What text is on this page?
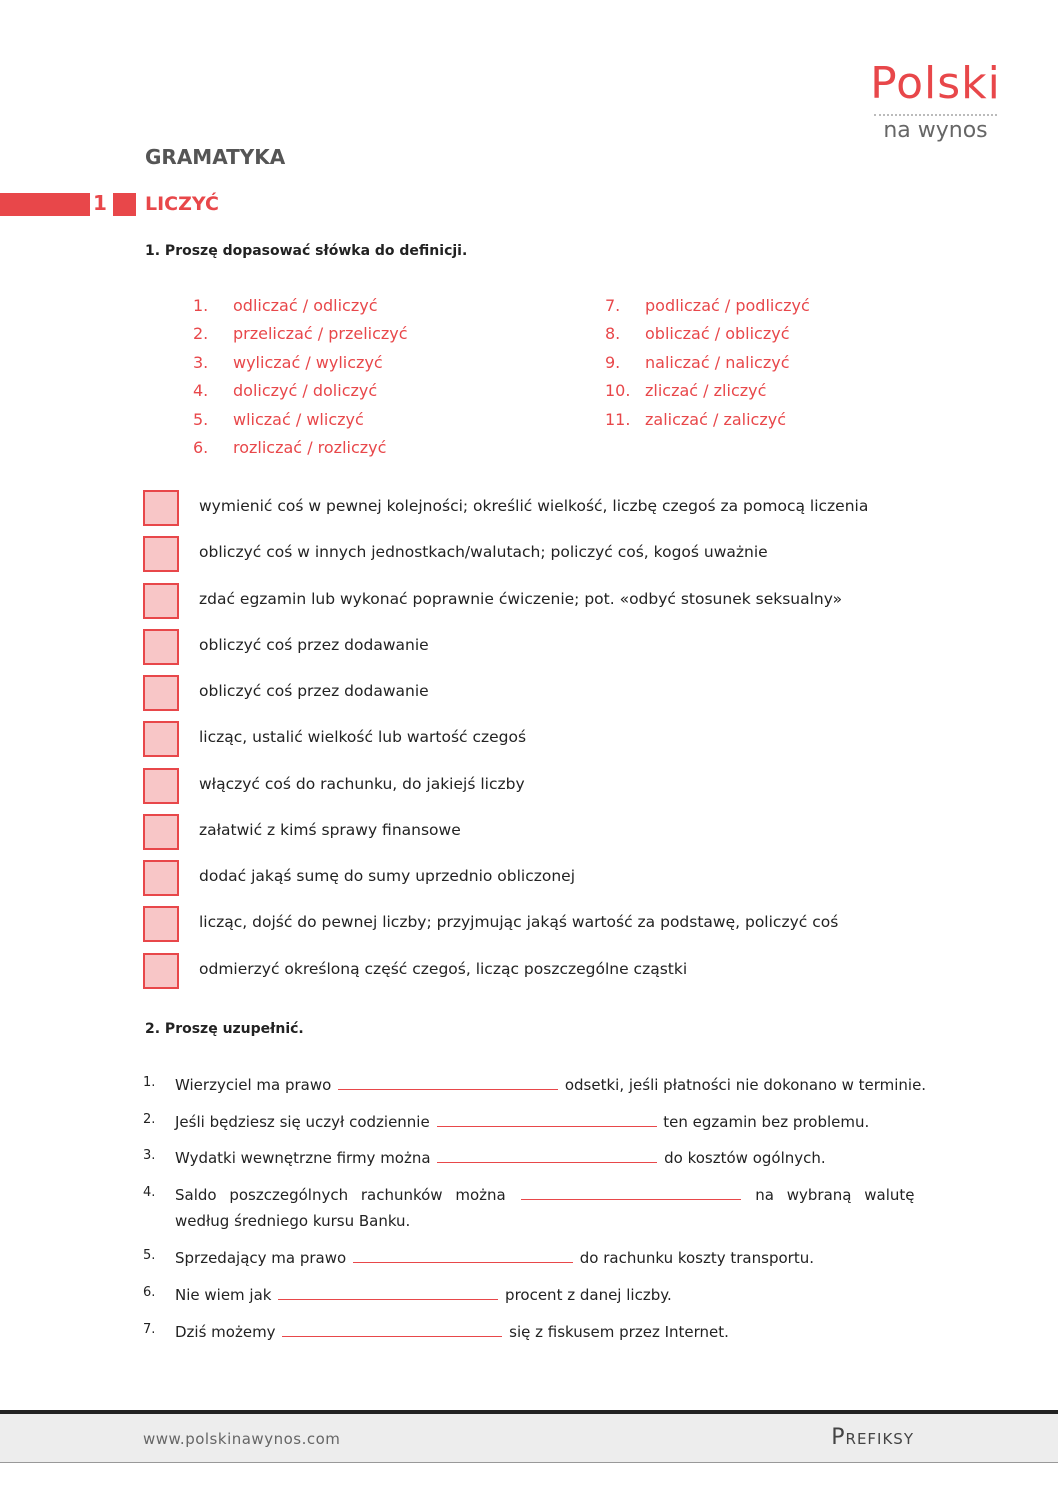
Polski
na wynos
GRAMATYKA
1 LICZYĆ
1. Proszę dopasować słówka do definicji.
1. odliczać / odliczyć
2. przeliczać / przeliczyć
3. wyliczać / wyliczyć
4. doliczyć / doliczyć
5. wliczać / wliczyć
6. rozliczać / rozliczyć
7. podliczać / podliczyć
8. obliczać / obliczyć
9. naliczać / naliczyć
10. zliczać / zliczyć
11. zaliczać / zaliczyć
wymienić coś w pewnej kolejności; określić wielkość, liczbę czegoś za pomocą liczenia
obliczyć coś w innych jednostkach/walutach; policzyć coś, kogoś uważnie
zdać egzamin lub wykonać poprawnie ćwiczenie; pot. «odbyć stosunek seksualny»
obliczyć coś przez dodawanie
obliczyć coś przez dodawanie
licząc, ustalić wielkość lub wartość czegoś
włączyć coś do rachunku, do jakiejś liczby
załatwić z kimś sprawy finansowe
dodać jakąś sumę do sumy uprzednio obliczonej
licząc, dojść do pewnej liczby; przyjmując jakąś wartość za podstawę, policzyć coś
odmierzyć określoną część czegoś, licząc poszczególne cząstki
2. Proszę uzupełnić.
1. Wierzyciel ma prawo	odsetki, jeśli płatności nie dokonano w terminie.
2. Jeśli będziesz się uczył codziennie	ten egzamin bez problemu.
3. Wydatki wewnętrzne firmy można	do kosztów ogólnych.
4. Saldo poszczególnych rachunków można	na wybraną walutę
według średniego kursu Banku.
5. Sprzedający ma prawo	do rachunku koszty transportu.
6. Nie wiem jak	procent z danej liczby.
7. Dziś możemy	się z fiskusem przez Internet.
www.polskinawynos.com	Prefiksy
